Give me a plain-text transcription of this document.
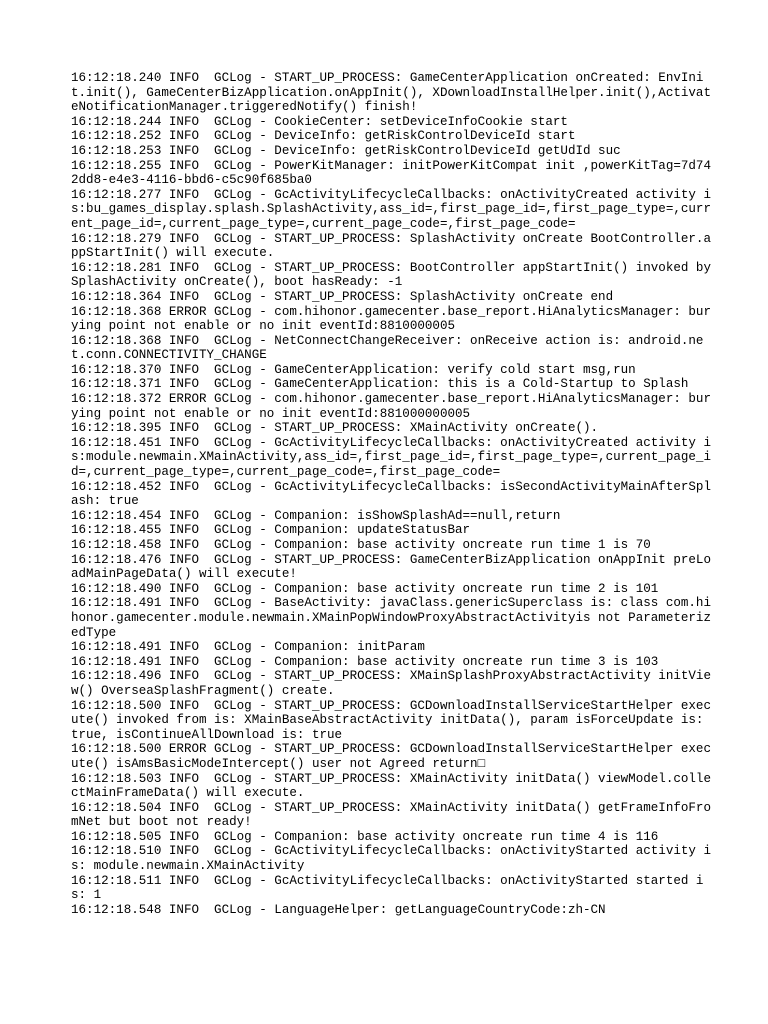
16:12:18.240 INFO  GCLog - START_UP_PROCESS: GameCenterApplication onCreated: EnvInit.init(), GameCenterBizApplication.onAppInit(), XDownloadInstallHelper.init(),ActivateNotificationManager.triggeredNotify() finish!
16:12:18.244 INFO  GCLog - CookieCenter: setDeviceInfoCookie start
16:12:18.252 INFO  GCLog - DeviceInfo: getRiskControlDeviceId start
16:12:18.253 INFO  GCLog - DeviceInfo: getRiskControlDeviceId getUdId suc
16:12:18.255 INFO  GCLog - PowerKitManager: initPowerKitCompat init ,powerKitTag=7d742dd8-e4e3-4116-bbd6-c5c90f685ba0
16:12:18.277 INFO  GCLog - GcActivityLifecycleCallbacks: onActivityCreated activity is:bu_games_display.splash.SplashActivity,ass_id=,first_page_id=,first_page_type=,current_page_id=,current_page_type=,current_page_code=,first_page_code=
16:12:18.279 INFO  GCLog - START_UP_PROCESS: SplashActivity onCreate BootController.appStartInit() will execute.
16:12:18.281 INFO  GCLog - START_UP_PROCESS: BootController appStartInit() invoked by SplashActivity onCreate(), boot hasReady: -1
16:12:18.364 INFO  GCLog - START_UP_PROCESS: SplashActivity onCreate end
16:12:18.368 ERROR GCLog - com.hihonor.gamecenter.base_report.HiAnalyticsManager: burying point not enable or no init eventId:8810000005
16:12:18.368 INFO  GCLog - NetConnectChangeReceiver: onReceive action is: android.net.conn.CONNECTIVITY_CHANGE
16:12:18.370 INFO  GCLog - GameCenterApplication: verify cold start msg,run
16:12:18.371 INFO  GCLog - GameCenterApplication: this is a Cold-Startup to Splash
16:12:18.372 ERROR GCLog - com.hihonor.gamecenter.base_report.HiAnalyticsManager: burying point not enable or no init eventId:881000000005
16:12:18.395 INFO  GCLog - START_UP_PROCESS: XMainActivity onCreate().
16:12:18.451 INFO  GCLog - GcActivityLifecycleCallbacks: onActivityCreated activity is:module.newmain.XMainActivity,ass_id=,first_page_id=,first_page_type=,current_page_id=,current_page_type=,current_page_code=,first_page_code=
16:12:18.452 INFO  GCLog - GcActivityLifecycleCallbacks: isSecondActivityMainAfterSplash: true
16:12:18.454 INFO  GCLog - Companion: isShowSplashAd==null,return
16:12:18.455 INFO  GCLog - Companion: updateStatusBar
16:12:18.458 INFO  GCLog - Companion: base activity oncreate run time 1 is 70
16:12:18.476 INFO  GCLog - START_UP_PROCESS: GameCenterBizApplication onAppInit preLoadMainPageData() will execute!
16:12:18.490 INFO  GCLog - Companion: base activity oncreate run time 2 is 101
16:12:18.491 INFO  GCLog - BaseActivity: javaClass.genericSuperclass is: class com.hihonor.gamecenter.module.newmain.XMainPopWindowProxyAbstractActivityis not ParameterizedType
16:12:18.491 INFO  GCLog - Companion: initParam
16:12:18.491 INFO  GCLog - Companion: base activity oncreate run time 3 is 103
16:12:18.496 INFO  GCLog - START_UP_PROCESS: XMainSplashProxyAbstractActivity initView() OverseaSplashFragment() create.
16:12:18.500 INFO  GCLog - START_UP_PROCESS: GCDownloadInstallServiceStartHelper execute() invoked from is: XMainBaseAbstractActivity initData(), param isForceUpdate is: true, isContinueAllDownload is: true
16:12:18.500 ERROR GCLog - START_UP_PROCESS: GCDownloadInstallServiceStartHelper execute() isAmsBasicModeIntercept() user not Agreed return□
16:12:18.503 INFO  GCLog - START_UP_PROCESS: XMainActivity initData() viewModel.collectMainFrameData() will execute.
16:12:18.504 INFO  GCLog - START_UP_PROCESS: XMainActivity initData() getFrameInfoFromNet but boot not ready!
16:12:18.505 INFO  GCLog - Companion: base activity oncreate run time 4 is 116
16:12:18.510 INFO  GCLog - GcActivityLifecycleCallbacks: onActivityStarted activity is: module.newmain.XMainActivity
16:12:18.511 INFO  GCLog - GcActivityLifecycleCallbacks: onActivityStarted started is: 1
16:12:18.548 INFO  GCLog - LanguageHelper: getLanguageCountryCode:zh-CN
